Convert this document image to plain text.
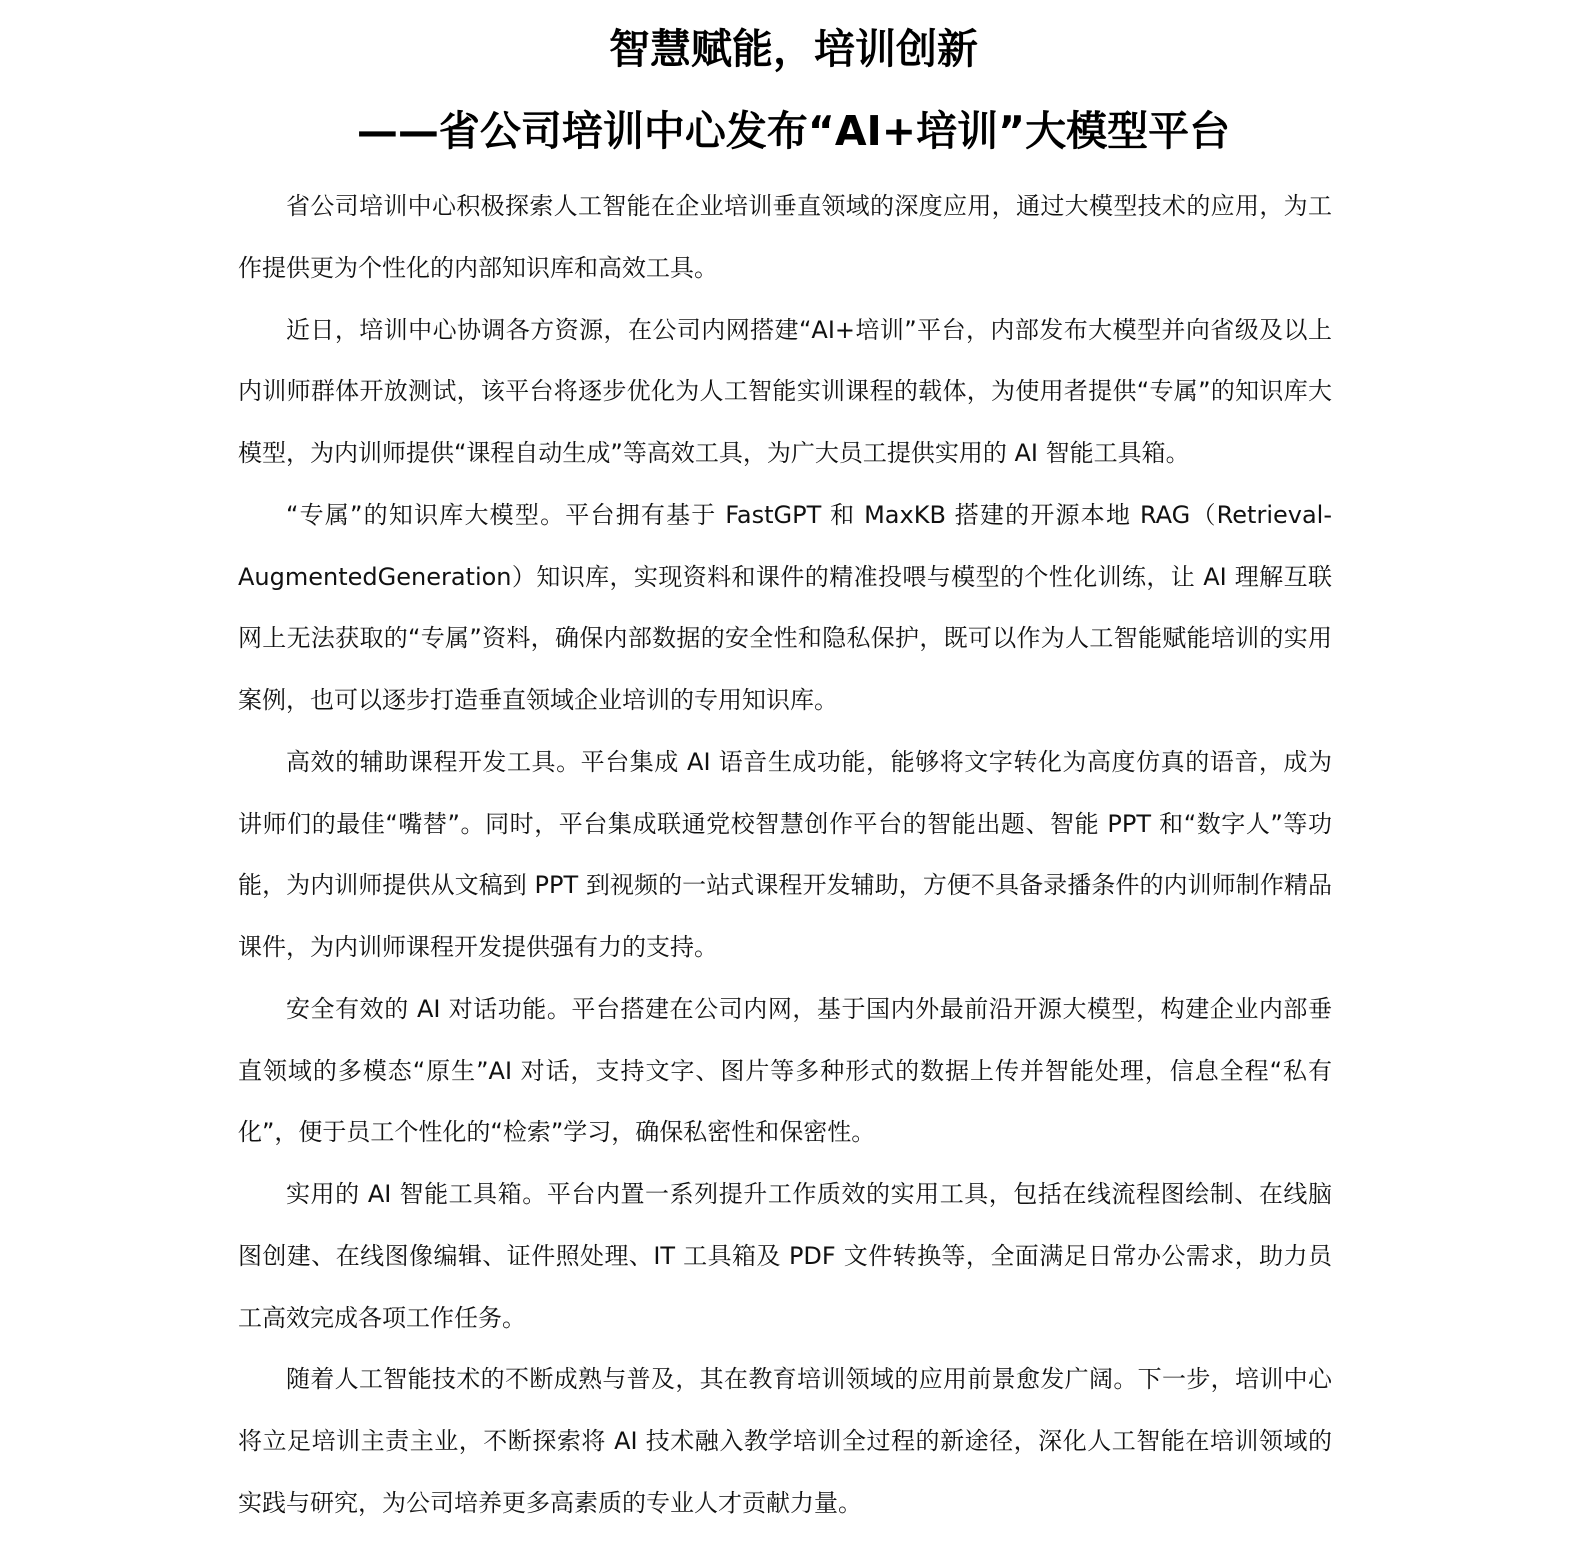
智慧赋能，培训创新
——省公司培训中心发布“AI+培训”大模型平台

省公司培训中心积极探索人工智能在企业培训垂直领域的深度应用，通过大模型技术的应用，为工作提供更为个性化的内部知识库和高效工具。

近日，培训中心协调各方资源，在公司内网搭建“AI+培训”平台，内部发布大模型并向省级及以上内训师群体开放测试，该平台将逐步优化为人工智能实训课程的载体，为使用者提供“专属”的知识库大模型，为内训师提供“课程自动生成”等高效工具，为广大员工提供实用的 AI 智能工具箱。

“专属”的知识库大模型。平台拥有基于 FastGPT 和 MaxKB 搭建的开源本地 RAG（Retrieval-AugmentedGeneration）知识库，实现资料和课件的精准投喂与模型的个性化训练，让 AI 理解互联网上无法获取的“专属”资料，确保内部数据的安全性和隐私保护，既可以作为人工智能赋能培训的实用案例，也可以逐步打造垂直领域企业培训的专用知识库。

高效的辅助课程开发工具。平台集成 AI 语音生成功能，能够将文字转化为高度仿真的语音，成为讲师们的最佳“嘴替”。同时，平台集成联通党校智慧创作平台的智能出题、智能 PPT 和“数字人”等功能，为内训师提供从文稿到 PPT 到视频的一站式课程开发辅助，方便不具备录播条件的内训师制作精品课件，为内训师课程开发提供强有力的支持。

安全有效的 AI 对话功能。平台搭建在公司内网，基于国内外最前沿开源大模型，构建企业内部垂直领域的多模态“原生”AI 对话，支持文字、图片等多种形式的数据上传并智能处理，信息全程“私有化”，便于员工个性化的“检索”学习，确保私密性和保密性。

实用的 AI 智能工具箱。平台内置一系列提升工作质效的实用工具，包括在线流程图绘制、在线脑图创建、在线图像编辑、证件照处理、IT 工具箱及 PDF 文件转换等，全面满足日常办公需求，助力员工高效完成各项工作任务。

随着人工智能技术的不断成熟与普及，其在教育培训领域的应用前景愈发广阔。下一步，培训中心将立足培训主责主业，不断探索将 AI 技术融入教学培训全过程的新途径，深化人工智能在培训领域的实践与研究，为公司培养更多高素质的专业人才贡献力量。
